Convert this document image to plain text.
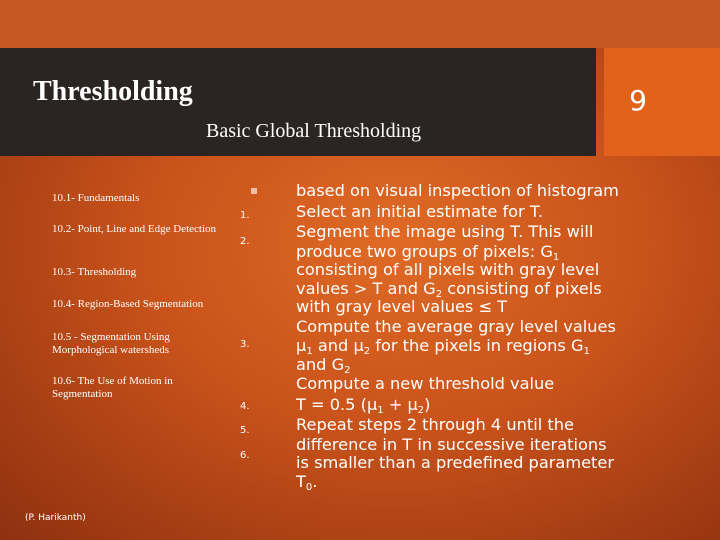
Thresholding
Basic Global Thresholding
9
10.1- Fundamentals
10.2- Point, Line and Edge Detection
10.3- Thresholding
10.4- Region-Based Segmentation
10.5 - Segmentation Using Morphological watersheds
10.6- The Use of Motion in Segmentation
(P. Harikanth)
1.
2.
3.
4.
5.
6.
based on visual inspection of histogram
Select an initial estimate for T.
Segment the image using T. This will
produce two groups of pixels: $G_1$
consisting of all pixels with gray level
values > T and $G_2$ consisting of pixels
with gray level values ≤ T
Compute the average gray level values
$\mu_1$ and $\mu_2$ for the pixels in regions $G_1$
and $G_2$
Compute a new threshold value
T = 0.5 $(\mu_1 + \mu_2)$
Repeat steps 2 through 4 until the
difference in T in successive iterations
is smaller than a predefined parameter
$T_0$.
